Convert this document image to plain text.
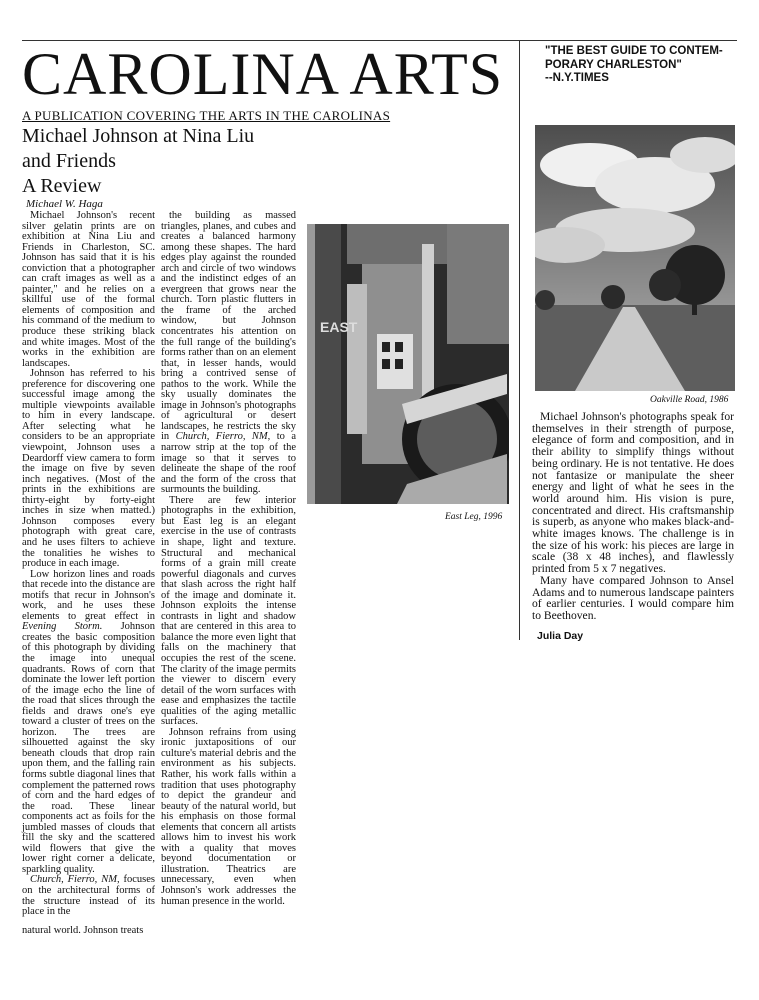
CAROLINA ARTS
A PUBLICATION COVERING THE ARTS IN THE CAROLINAS
"THE BEST GUIDE TO CONTEM-
PORARY CHARLESTON"
--N.Y.TIMES
Michael Johnson at Nina Liu
and Friends
A Review
Michael W. Haga

Michael Johnson's recent silver gelatin prints are on exhibition at Nina Liu and Friends in Charleston, SC. Johnson has said that it is his conviction that a photographer can craft images as well as a painter," and he relies on a skillful use of the formal elements of composition and his command of the medium to produce these striking black and white images. Most of the works in the exhibition are landscapes.

Johnson has referred to his preference for discovering one successful image among the multiple viewpoints available to him in every landscape. After selecting what he considers to be an appropriate viewpoint, Johnson uses a Deardorff view camera to form the image on five by seven inch negatives. (Most of the prints in the exhibitions are thirty-eight by forty-eight inches in size when matted.) Johnson composes every photograph with great care, and he uses filters to achieve the tonalities he wishes to produce in each image.

Low horizon lines and roads that recede into the distance are motifs that recur in Johnson's work, and he uses these elements to great effect in Evening Storm. Johnson creates the basic composition of this photograph by dividing the image into unequal quadrants. Rows of corn that dominate the lower left portion of the image echo the line of the road that slices through the fields and draws one's eye toward a cluster of trees on the horizon. The trees are silhouetted against the sky beneath clouds that drop rain upon them, and the falling rain forms subtle diagonal lines that complement the patterned rows of corn and the hard edges of the road. These linear components act as foils for the jumbled masses of clouds that fill the sky and the scattered wild flowers that give the lower right corner a delicate, sparkling quality.

Church, Fierro, NM, focuses on the architectural forms of the structure instead of its place in the

natural world. Johnson treats

the building as massed triangles, planes, and cubes and creates a balanced harmony among these shapes. The hard edges play against the rounded arch and circle of two windows and the indistinct edges of an evergreen that grows near the church. Torn plastic flutters in the frame of the arched window, but Johnson concentrates his attention on the full range of the building's forms rather than on an element that, in lesser hands, would bring a contrived sense of pathos to the work. While the sky usually dominates the image in Johnson's photographs of agricultural or desert landscapes, he restricts the sky in Church, Fierro, NM, to a narrow strip at the top of the image so that it serves to delineate the shape of the roof and the form of the cross that surmounts the building.

There are few interior photographs in the exhibition, but East leg is an elegant exercise in the use of contrasts in shape, light and texture. Structural and mechanical forms of a grain mill create powerful diagonals and curves that slash across the right half of the image and dominate it. Johnson exploits the intense contrasts in light and shadow that are centered in this area to balance the more even light that falls on the machinery that occupies the rest of the scene. The clarity of the image permits the viewer to discern every detail of the worn surfaces with ease and emphasizes the tactile qualities of the aging metallic surfaces.

Johnson refrains from using ironic juxtapositions of our culture's material debris and the environment as his subjects. Rather, his work falls within a tradition that uses photography to depict the grandeur and beauty of the natural world, but his emphasis on those formal elements that concern all artists allows him to invest his work with a quality that moves beyond documentation or illustration. Theatrics are unnecessary, even when Johnson's work addresses the human presence in the world.

EAST
East Leg, 1996
Oakville Road, 1986

Michael Johnson's photographs speak for themselves in their strength of purpose, elegance of form and composition, and in their ability to simplify things without being ordinary. He is not tentative. He does not fantasize or manipulate the sheer energy and light of what he sees in the world around him. His vision is pure, concentrated and direct. His craftsmanship is superb, as anyone who makes black-and-white images knows. The challenge is in the size of his work: his pieces are large in scale (38 x 48 inches), and flawlessly printed from 5 x 7 negatives.

Many have compared Johnson to Ansel Adams and to numerous landscape painters of earlier centuries. I would compare him to Beethoven.

Julia Day
